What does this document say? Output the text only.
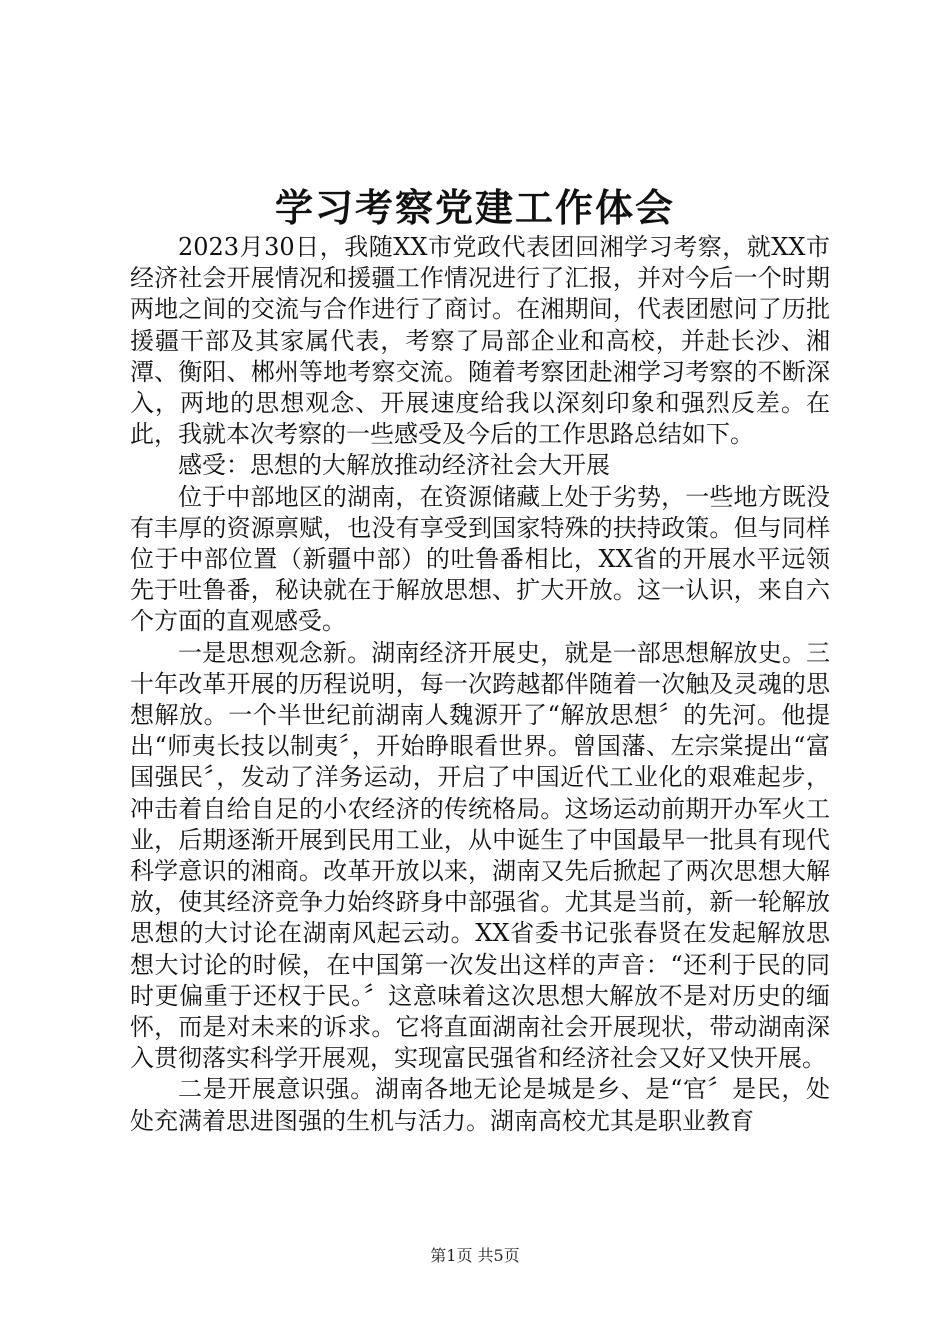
学习考察党建工作体会

2023月30日，我随XX市党政代表团回湘学习考察，就XX市经济社会开展情况和援疆工作情况进行了汇报，并对今后一个时期两地之间的交流与合作进行了商讨。在湘期间，代表团慰问了历批援疆干部及其家属代表，考察了局部企业和高校，并赴长沙、湘潭、衡阳、郴州等地考察交流。随着考察团赴湘学习考察的不断深入，两地的思想观念、开展速度给我以深刻印象和强烈反差。在此，我就本次考察的一些感受及今后的工作思路总结如下。

感受：思想的大解放推动经济社会大开展

位于中部地区的湖南，在资源储藏上处于劣势，一些地方既没有丰厚的资源禀赋，也没有享受到国家特殊的扶持政策。但与同样位于中部位置（新疆中部）的吐鲁番相比，XX省的开展水平远领先于吐鲁番，秘诀就在于解放思想、扩大开放。这一认识，来自六个方面的直观感受。

一是思想观念新。湖南经济开展史，就是一部思想解放史。三十年改革开展的历程说明，每一次跨越都伴随着一次触及灵魂的思想解放。一个半世纪前湖南人魏源开了“解放思想〞的先河。他提出“师夷长技以制夷〞，开始睁眼看世界。曾国藩、左宗棠提出“富国强民〞，发动了洋务运动，开启了中国近代工业化的艰难起步，冲击着自给自足的小农经济的传统格局。这场运动前期开办军火工业，后期逐渐开展到民用工业，从中诞生了中国最早一批具有现代科学意识的湘商。改革开放以来，湖南又先后掀起了两次思想大解放，使其经济竞争力始终跻身中部强省。尤其是当前，新一轮解放思想的大讨论在湖南风起云动。XX省委书记张春贤在发起解放思想大讨论的时候，在中国第一次发出这样的声音：“还利于民的同时更偏重于还权于民。〞这意味着这次思想大解放不是对历史的缅怀，而是对未来的诉求。它将直面湖南社会开展现状，带动湖南深入贯彻落实科学开展观，实现富民强省和经济社会又好又快开展。

二是开展意识强。湖南各地无论是城是乡、是“官〞是民，处处充满着思进图强的生机与活力。湖南高校尤其是职业教育

第1页 共5页
